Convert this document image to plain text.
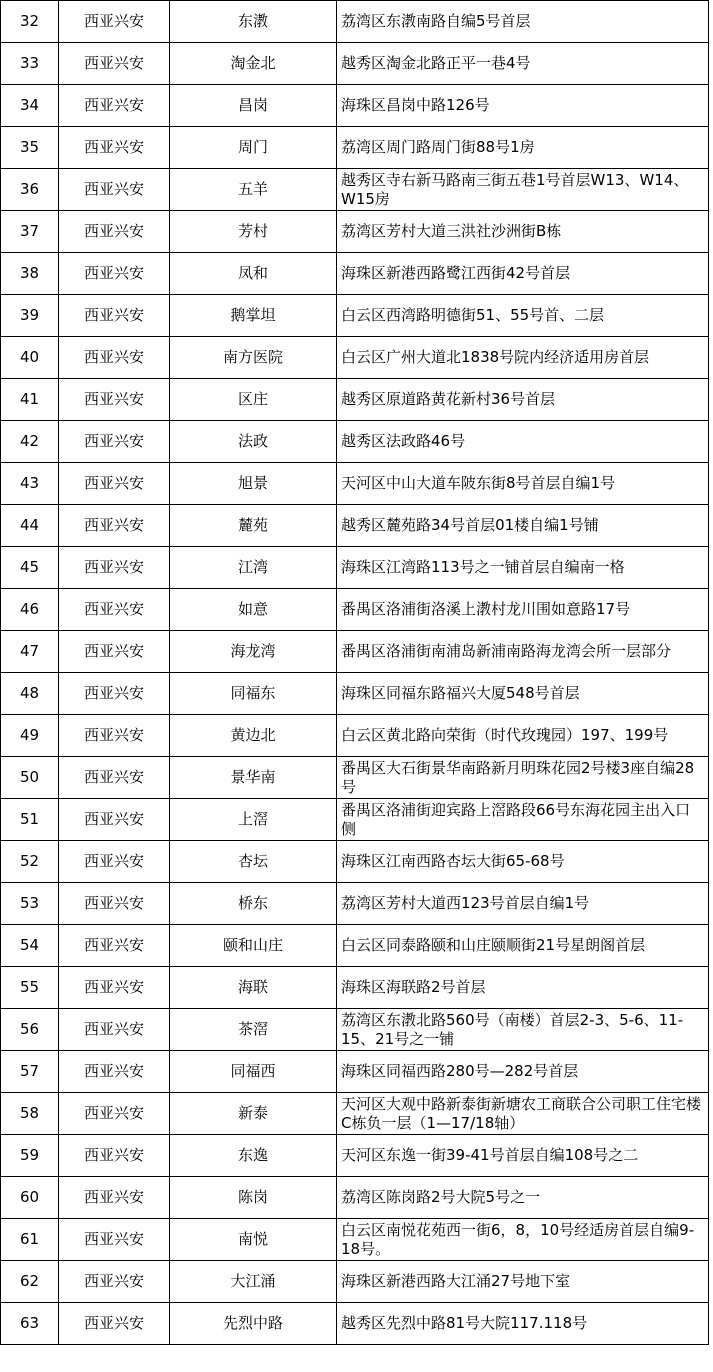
32	西亚兴安	东漖	荔湾区东漖南路自编5号首层
33	西亚兴安	淘金北	越秀区淘金北路正平一巷4号
34	西亚兴安	昌岗	海珠区昌岗中路126号
35	西亚兴安	周门	荔湾区周门路周门街88号1房
36	西亚兴安	五羊	越秀区寺右新马路南三街五巷1号首层W13、W14、W15房
37	西亚兴安	芳村	荔湾区芳村大道三洪社沙洲街B栋
38	西亚兴安	凤和	海珠区新港西路鹭江西街42号首层
39	西亚兴安	鹅掌坦	白云区西湾路明德街51、55号首、二层
40	西亚兴安	南方医院	白云区广州大道北1838号院内经济适用房首层
41	西亚兴安	区庄	越秀区原道路黄花新村36号首层
42	西亚兴安	法政	越秀区法政路46号
43	西亚兴安	旭景	天河区中山大道车陂东街8号首层自编1号
44	西亚兴安	麓苑	越秀区麓苑路34号首层01楼自编1号铺
45	西亚兴安	江湾	海珠区江湾路113号之一铺首层自编南一格
46	西亚兴安	如意	番禺区洛浦街洛溪上漖村龙川围如意路17号
47	西亚兴安	海龙湾	番禺区洛浦街南浦岛新浦南路海龙湾会所一层部分
48	西亚兴安	同福东	海珠区同福东路福兴大厦548号首层
49	西亚兴安	黄边北	白云区黄北路向荣街（时代玫瑰园）197、199号
50	西亚兴安	景华南	番禺区大石街景华南路新月明珠花园2号楼3座自编28号
51	西亚兴安	上滘	番禺区洛浦街迎宾路上滘路段66号东海花园主出入口侧
52	西亚兴安	杏坛	海珠区江南西路杏坛大街65-68号
53	西亚兴安	桥东	荔湾区芳村大道西123号首层自编1号
54	西亚兴安	颐和山庄	白云区同泰路颐和山庄颐顺街21号星朗阁首层
55	西亚兴安	海联	海珠区海联路2号首层
56	西亚兴安	茶滘	荔湾区东漖北路560号（南楼）首层2-3、5-6、11-15、21号之一铺
57	西亚兴安	同福西	海珠区同福西路280号—282号首层
58	西亚兴安	新泰	天河区大观中路新泰街新塘农工商联合公司职工住宅楼C栋负一层（1—17/18轴）
59	西亚兴安	东逸	天河区东逸一街39-41号首层自编108号之二
60	西亚兴安	陈岗	荔湾区陈岗路2号大院5号之一
61	西亚兴安	南悦	白云区南悦花苑西一街6，8，10号经适房首层自编9-18号。
62	西亚兴安	大江涌	海珠区新港西路大江涌27号地下室
63	西亚兴安	先烈中路	越秀区先烈中路81号大院117.118号
